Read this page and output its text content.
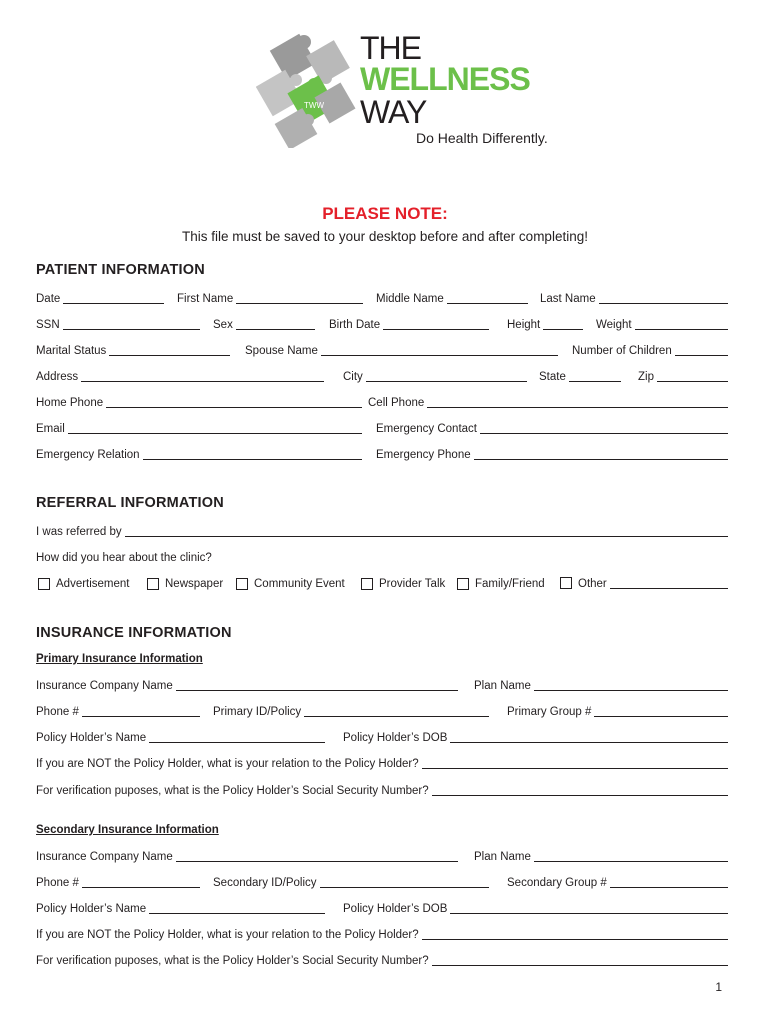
TWW
THE
WELLNESS
WAY
Do Health Differently.
PLEASE NOTE:
This file must be saved to your desktop before and after completing!
PATIENT INFORMATION
Date	First Name	Middle Name	Last Name
SSN	Sex	Birth Date	Height	Weight
Marital Status	Spouse Name	Number of Children
Address	City	State	Zip
Home Phone	Cell Phone
Email	Emergency Contact
Emergency Relation	Emergency Phone
REFERRAL INFORMATION
I was referred by
How did you hear about the clinic?
Advertisement	Newspaper	Community Event	Provider Talk	Family/Friend	Other
INSURANCE INFORMATION
Primary Insurance Information
Insurance Company Name	Plan Name
Phone #	Primary ID/Policy	Primary Group #
Policy Holder’s Name	Policy Holder’s DOB
If you are NOT the Policy Holder, what is your relation to the Policy Holder?
For verification puposes, what is the Policy Holder’s Social Security Number?
Secondary Insurance Information
Insurance Company Name	Plan Name
Phone #	Secondary ID/Policy	Secondary Group #
Policy Holder’s Name	Policy Holder’s DOB
If you are NOT the Policy Holder, what is your relation to the Policy Holder?
For verification puposes, what is the Policy Holder’s Social Security Number?
1
